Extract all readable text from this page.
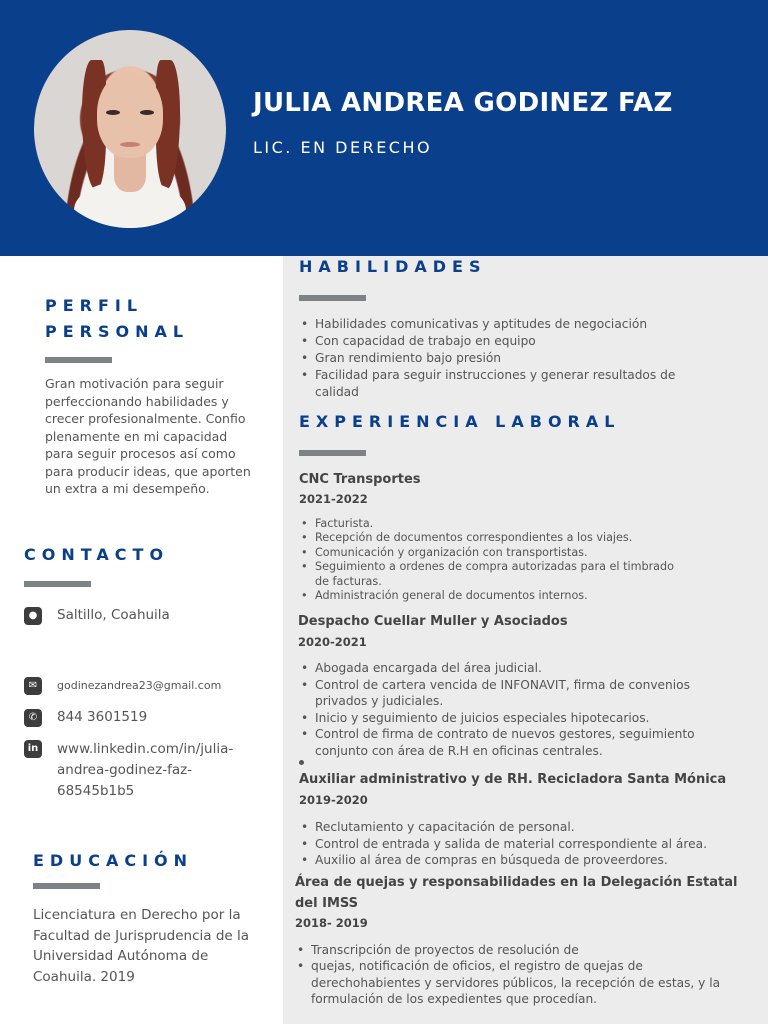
JULIA ANDREA GODINEZ FAZ
LIC. EN DERECHO
PERFIL
PERSONAL
Gran motivación para seguir perfeccionando habilidades y crecer profesionalmente. Confio plenamente en mi capacidad para seguir procesos así como para producir ideas, que aporten un extra a mi desempeño.
CONTACTO
●	Saltillo, Coahuila
✉	godinezandrea23@gmail.com
✆	844 3601519
in www.linkedin.com/in/julia-andrea-godinez-faz-68545b1b5
EDUCACIÓN
Licenciatura en Derecho por la Facultad de Jurisprudencia de la Universidad Autónoma de Coahuila. 2019
HABILIDADES
• Habilidades comunicativas y aptitudes de negociación
• Con capacidad de trabajo en equipo
• Gran rendimiento bajo presión
• Facilidad para seguir instrucciones y generar resultados de calidad
EXPERIENCIA LABORAL
CNC Transportes
2021-2022
• Facturista.
• Recepción de documentos correspondientes a los viajes.
• Comunicación y organización con transportistas.
• Seguimiento a ordenes de compra autorizadas para el timbrado de facturas.
• Administración general de documentos internos.
Despacho Cuellar Muller y Asociados
2020-2021
• Abogada encargada del área judicial.
• Control de cartera vencida de INFONAVIT, firma de convenios privados y judiciales.
• Inicio y seguimiento de juicios especiales hipotecarios.
• Control de firma de contrato de nuevos gestores, seguimiento conjunto con área de R.H en oficinas centrales.
Auxiliar administrativo y de RH. Recicladora Santa Mónica
2019-2020
• Reclutamiento y capacitación de personal.
• Control de entrada y salida de material correspondiente al área.
• Auxilio al área de compras en búsqueda de proveerdores.
Área de quejas y responsabilidades en la Delegación Estatal
del IMSS
2018- 2019
• Transcripción de proyectos de resolución de
• quejas, notificación de oficios, el registro de quejas de derechohabientes y servidores públicos, la recepción de estas, y la formulación de los expedientes que procedían.
